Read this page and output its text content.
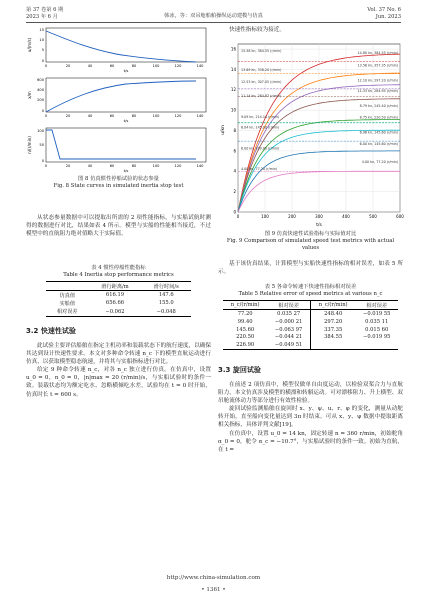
第 37 卷第 6 期
2023 年 6 月	韩冰，等：双吊舱船舶操纵运动建模与仿真
Vol. 37 No. 6
Jun. 2023
u/(m/s)
15
10
5
0
0	20	40	60	80	100	120	140
t/s
x/m
600
400
200
0
0	20	40	60	80	100	120	140
t/s
n/(r/min)
100
50
0
0	20	40	60	80	100	120	140
t/s
图 8 仿真惯性停船试验的状态参量
Fig. 8 State curves in simulated inertia stop test

从状态参量数据中可以提取出所需的 2 项性能指标，与实船试航时测得的数据进行对比，结果如表 4 所示。模型与实船的性能相当接近，不过模型中的直航阻力绝对值略大于实际值。

表 4 惯性停船性能指标
Table 4 Inertia stop performance metrics
	滑行距离/m	滑行时间/s
仿真值	616.19	147.6
实船值	656.66	155.0
相对误差	−0.062	−0.048
3.2 快速性试验

此试验主要评估船舶在指定主机功率和装载状态下的航行速度，以确保其达到设计快速性要求。本文对多种命令转速 n_c 下的模型直航运动进行仿真，以获取模型稳态航速，并将其与实船指标进行对比。

给定 9 种命令转速 n_c，对各 n_c 独立进行仿真。在仿真中，设置 u_0 = 0，n_0 = 0，|n|max = 20 (r/min)/s，与实船试验时的条件一致。装载状态均为额定吃水、忽略横倾吃水差，试验均在 t = 0 时开始，仿真时长 t = 600 s。

快速性指标较为接近。

16
14
12
10
8
6
4
2
0
0	100	200	300	400	500	600
15.58 kn, 384.55 (r/min)
13.69 kn, 338.20 (r/min)
12.53 kn, 307.05 (r/min)
11.14 kn, 284.87 (r/min)
9.09 kn, 214.14 (r/min)
8.04 kn, 145.00 (r/min)
6.00 kn, 109.00 (r/min)
4.00 kn, 77.20 (r/min)
14.80 kn, 384.55 (r/min)
13.58 kn, 357.35 (r/min)
12.10 kn, 297.20 (r/min)
11.33 kn, 284.95 (r/min)
8.79 kn, 245.40 (r/min)
8.75 kn, 220.50 (r/min)
6.96 kn, 145.60 (r/min)
6.00 kn, 145.60 (r/min)
4.00 kn, 77.20 (r/min)
u/kn
t/s
图 9 仿真快速性试验指标与实际值对比
Fig. 9 Comparison of simulated speed test metrics with actual values

基于该仿真结果，计算模型与实船快速性指标的相对误差，如表 5 所示。

表 5 各命令转速下快速性指标相对误差
Table 5 Relative error of speed metrics at various n_c
n_c/(r/min)	相对误差	n_c/(r/min)	相对误差
77.20	0.035 27	248.40	−0.019 55
99.40	−0.000 21	297.20	0.035 11
145.60	−0.063 97	337.35	0.015 60
220.50	−0.044 21	384.55	−0.019 95
226.90	−0.049 51		
3.3 旋回试验

在前述 2 项仿真中，模型仅做单自由度运动，以检验双桨合力与直航阻力，本文仿真涉及模型的横漂和转艏运动。可对漂移阻力、升上横型、双吊舱流体动力等部分进行有效性检验。

旋回试验监测船舶在旋回时 x、y、ψ、u、r、φ 的变化，测量从动舵转开始，直至船向变化量达到 3π 时结束。可从 x、y、ψ 数据中提取距离相关指标，具体评判文献[19]。

在仿真中，设置 u_0 = 14 kn，固定转速 n = 360 r/min，初始舵角 α_0 = 0，舵令 α_c = −10.7°，与实船试验时的条件一致。初始为直航，在 t =

http://www.china-simulation.com
• 1361 •
